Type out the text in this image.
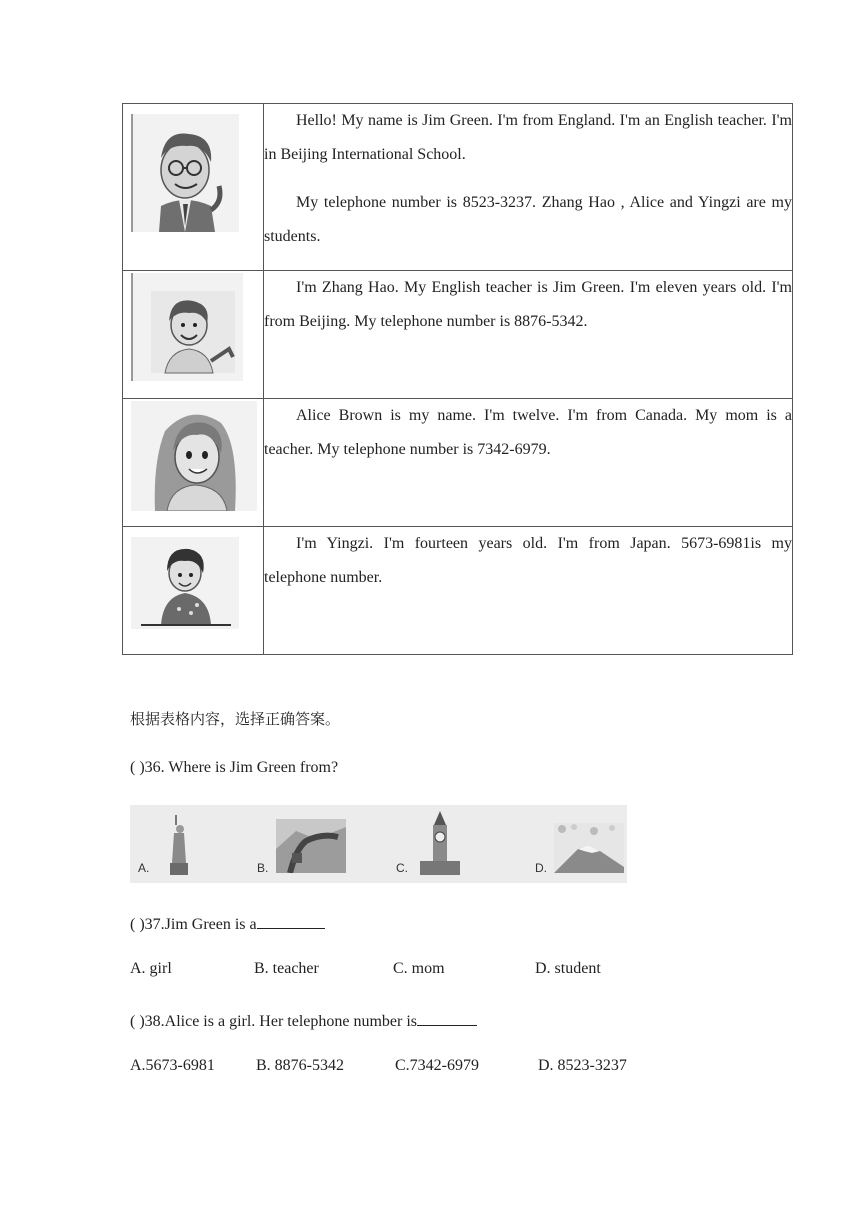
Hello! My name is Jim Green. I'm from England. I'm an English teacher. I'm in Beijing International School.

My telephone number is 8523-3237. Zhang Hao , Alice and Yingzi are my students.

I'm Zhang Hao. My English teacher is Jim Green. I'm eleven years old. I'm from Beijing. My telephone number is 8876-5342.

Alice Brown is my name. I'm twelve. I'm from Canada. My mom is a teacher. My telephone number is 7342-6979.

I'm Yingzi. I'm fourteen years old. I'm from Japan. 5673-6981is my telephone number.

根据表格内容，选择正确答案。
( )36. Where is Jim Green from?
A.	B.	C.	D.
( )37.Jim Green is a
A. girl	B. teacher	C. mom	D. student
( )38.Alice is a girl. Her telephone number is
A.5673-6981	B. 8876-5342	C.7342-6979	D. 8523-3237
